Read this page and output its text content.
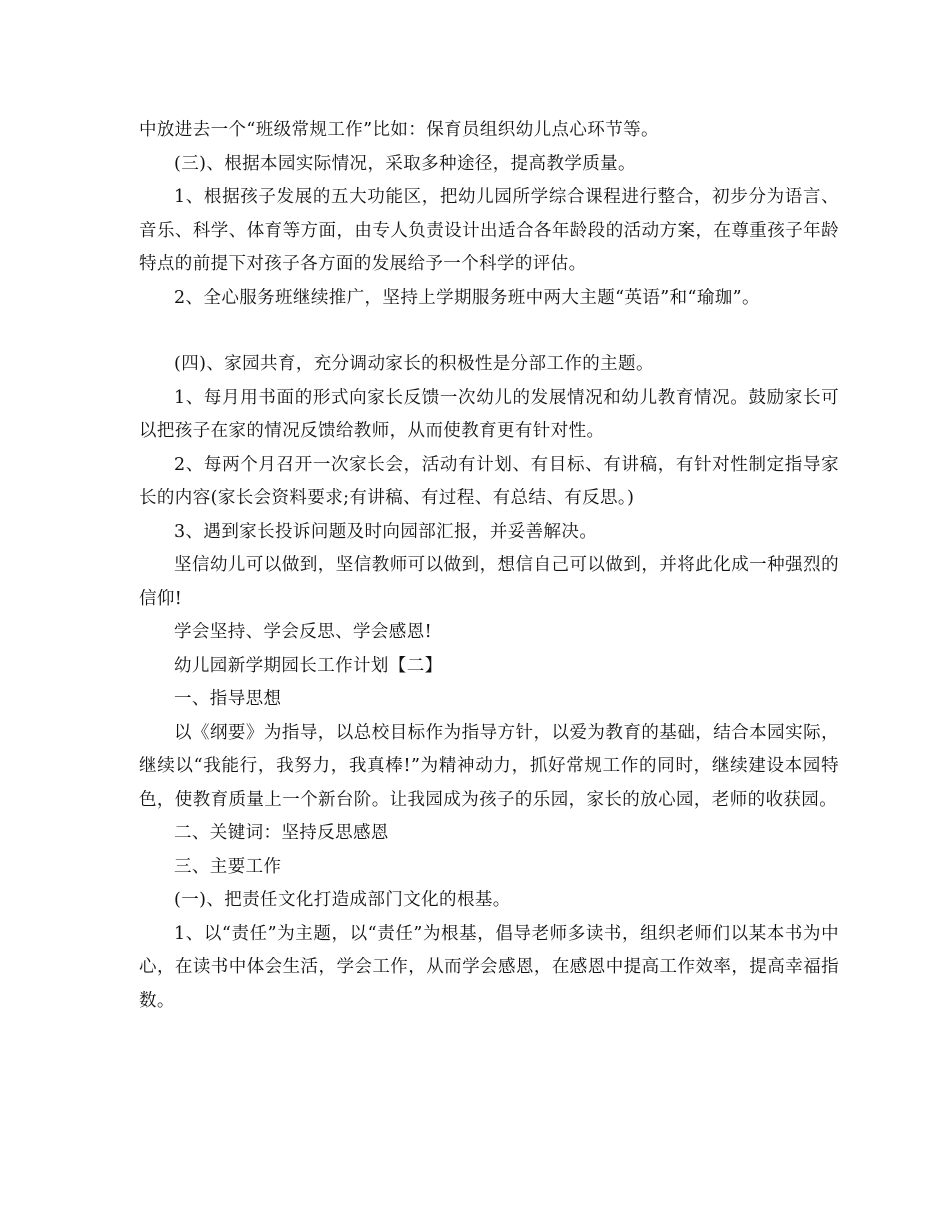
中放进去一个“班级常规工作”比如：保育员组织幼儿点心环节等。

(三)、根据本园实际情况，采取多种途径，提高教学质量。

1、根据孩子发展的五大功能区，把幼儿园所学综合课程进行整合，初步分为语言、音乐、科学、体育等方面，由专人负责设计出适合各年龄段的活动方案，在尊重孩子年龄特点的前提下对孩子各方面的发展给予一个科学的评估。

2、全心服务班继续推广，坚持上学期服务班中两大主题“英语”和“瑜珈”。

(四)、家园共育，充分调动家长的积极性是分部工作的主题。

1、每月用书面的形式向家长反馈一次幼儿的发展情况和幼儿教育情况。鼓励家长可以把孩子在家的情况反馈给教师，从而使教育更有针对性。

2、每两个月召开一次家长会，活动有计划、有目标、有讲稿，有针对性制定指导家长的内容(家长会资料要求;有讲稿、有过程、有总结、有反思。)

3、遇到家长投诉问题及时向园部汇报，并妥善解决。

坚信幼儿可以做到，坚信教师可以做到，想信自己可以做到，并将此化成一种强烈的信仰!

学会坚持、学会反思、学会感恩!

幼儿园新学期园长工作计划【二】

一、指导思想

以《纲要》为指导，以总校目标作为指导方针，以爱为教育的基础，结合本园实际，继续以“我能行，我努力，我真棒!”为精神动力，抓好常规工作的同时，继续建设本园特色，使教育质量上一个新台阶。让我园成为孩子的乐园，家长的放心园，老师的收获园。

二、关键词：坚持反思感恩

三、主要工作

(一)、把责任文化打造成部门文化的根基。

1、以“责任”为主题，以“责任”为根基，倡导老师多读书，组织老师们以某本书为中心，在读书中体会生活，学会工作，从而学会感恩，在感恩中提高工作效率，提高幸福指数。
